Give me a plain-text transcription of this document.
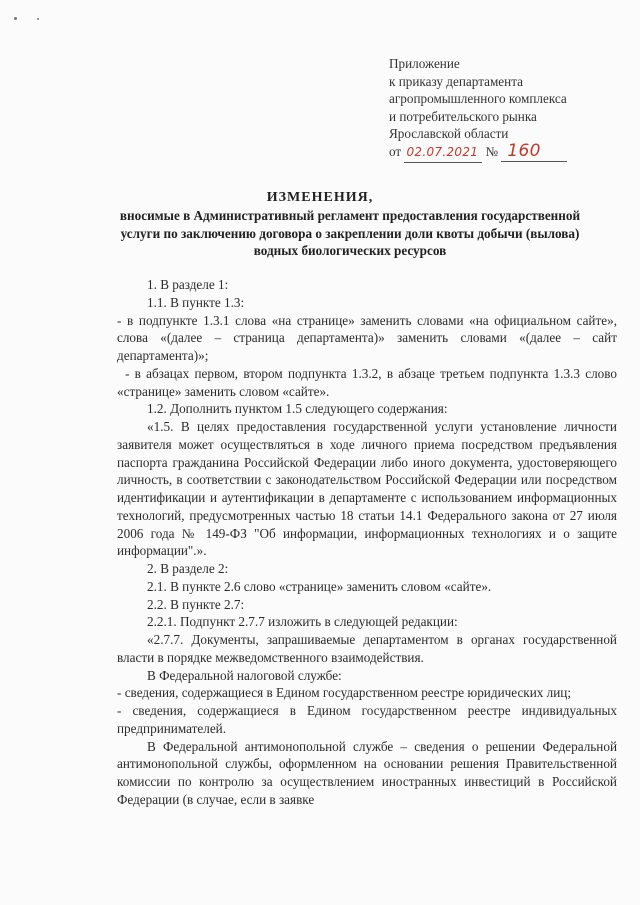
Приложение
к приказу департамента
агропромышленного комплекса
и потребительского рынка
Ярославской области
от 02.07.2021 № 160
ИЗМЕНЕНИЯ,
вносимые в Административный регламент предоставления государственной услуги по заключению договора о закреплении доли квоты добычи (вылова) водных биологических ресурсов

1. В разделе 1:

1.1. В пункте 1.3:

- в подпункте 1.3.1 слова «на странице» заменить словами «на официальном сайте», слова «(далее – страница департамента)» заменить словами «(далее – сайт департамента)»;

- в абзацах первом, втором подпункта 1.3.2, в абзаце третьем подпункта 1.3.3 слово «странице» заменить словом «сайте».

1.2. Дополнить пунктом 1.5 следующего содержания:

«1.5. В целях предоставления государственной услуги установление личности заявителя может осуществляться в ходе личного приема посредством предъявления паспорта гражданина Российской Федерации либо иного документа, удостоверяющего личность, в соответствии с законодательством Российской Федерации или посредством идентификации и аутентификации в департаменте с использованием информационных технологий, предусмотренных частью 18 статьи 14.1 Федерального закона от 27 июля 2006 года № 149-ФЗ "Об информации, информационных технологиях и о защите информации".».

2. В разделе 2:

2.1. В пункте 2.6 слово «странице» заменить словом «сайте».

2.2. В пункте 2.7:

2.2.1. Подпункт 2.7.7 изложить в следующей редакции:

«2.7.7. Документы, запрашиваемые департаментом в органах государственной власти в порядке межведомственного взаимодействия.

В Федеральной налоговой службе:

- сведения, содержащиеся в Едином государственном реестре юридических лиц;

- сведения, содержащиеся в Едином государственном реестре индивидуальных предпринимателей.

В Федеральной антимонопольной службе – сведения о решении Федеральной антимонопольной службы, оформленном на основании решения Правительственной комиссии по контролю за осуществлением иностранных инвестиций в Российской Федерации (в случае, если в заявке
